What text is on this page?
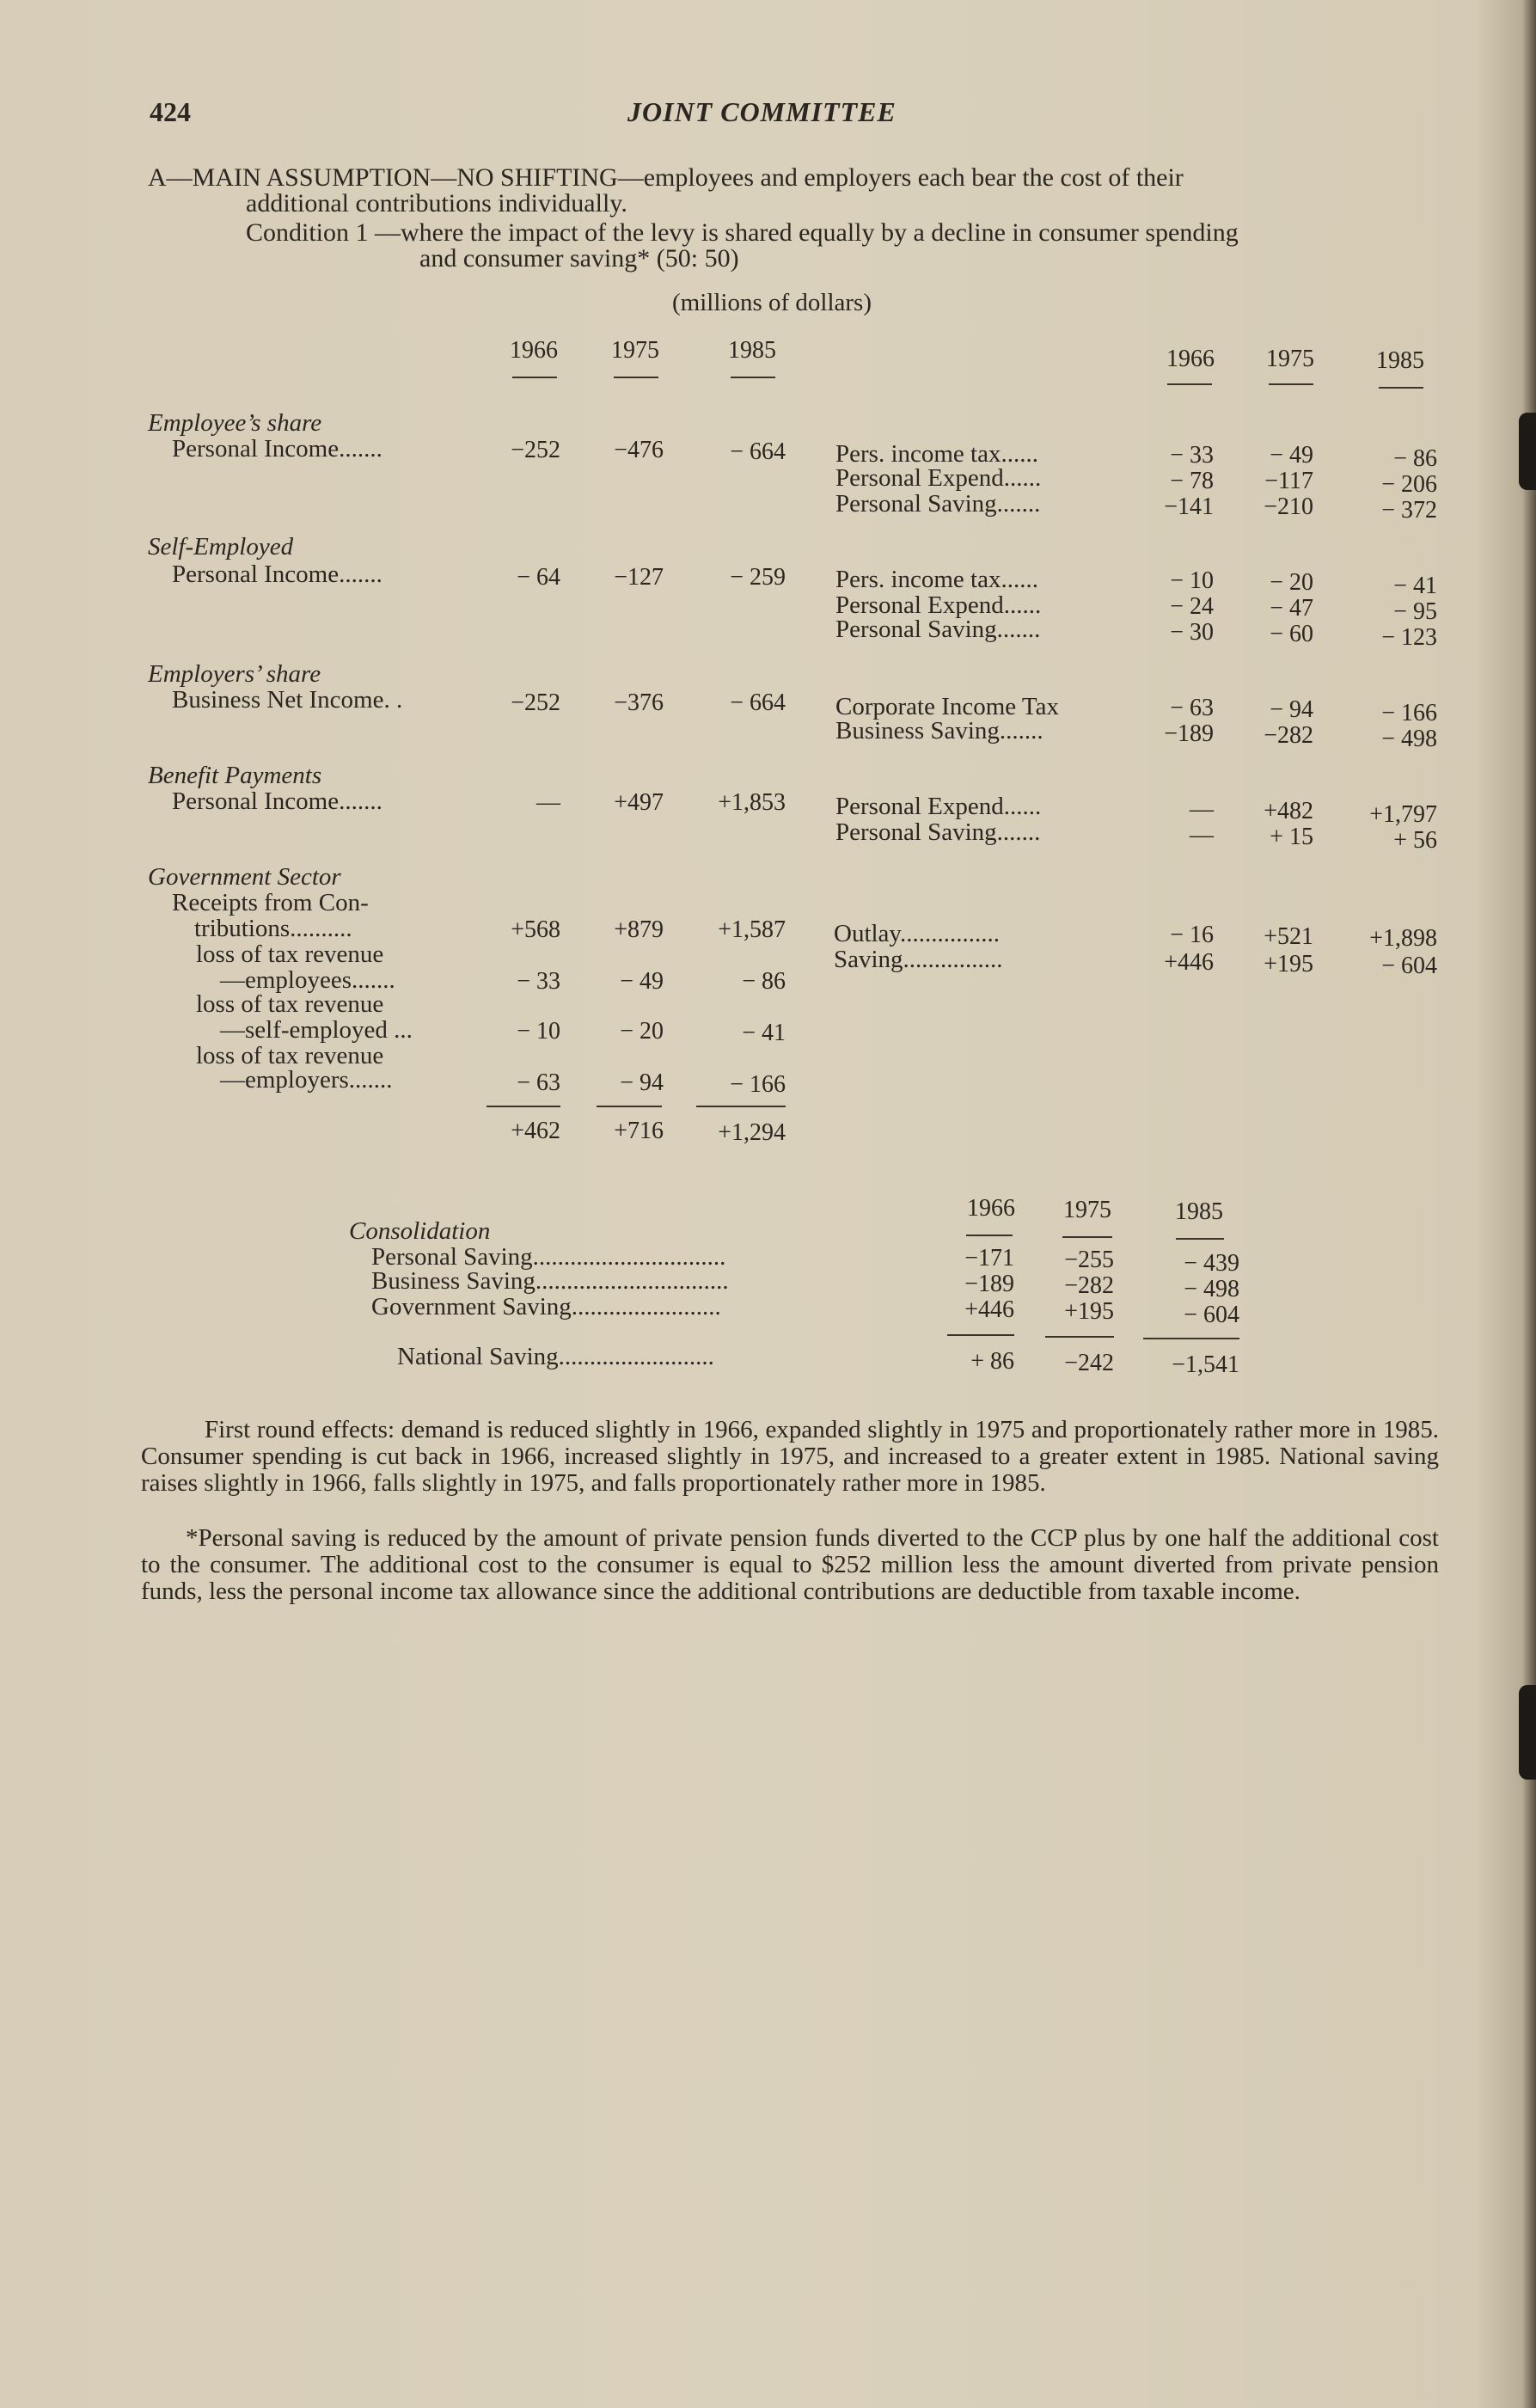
424	JOINT COMMITTEE
A—MAIN ASSUMPTION—NO SHIFTING—employees and employers each bear the cost of their
additional contributions individually.
Condition 1 —where the impact of the levy is shared equally by a decline in consumer spending
and consumer saving* (50: 50)
(millions of dollars)
1966 1975	1985	1966 1975	1985
Employee’s share
Personal Income.......	−252	−476	− 664
Self-Employed
Personal Income.......	− 64	−127	− 259
Employers’ share
Business Net Income. .	−252	−376	− 664
Benefit Payments
Personal Income.......	—	+497	+1,853
Government Sector
Receipts from Con-
tributions..........	+568	+879	+1,587
loss of tax revenue
—employees.......	− 33	− 49	− 86
loss of tax revenue
—self-employed ...	− 10	− 20	− 41
loss of tax revenue
—employers.......	− 63	− 94	− 166
+462	+716	+1,294
Pers. income tax......	− 33	− 49	− 86
Personal Expend......	− 78	−117	− 206
Personal Saving.......	−141	−210	− 372
Pers. income tax......	− 10	− 20	− 41
Personal Expend......	− 24	− 47	− 95
Personal Saving.......	− 30	− 60	− 123
Corporate Income Tax	− 63	− 94	− 166
Business Saving.......	−189	−282	− 498
Personal Expend......	—	+482	+1,797
Personal Saving.......	—	+ 15	+ 56
Outlay................	− 16	+521	+1,898
Saving................	+446	+195	− 604
1966 1975	1985
Consolidation
Personal Saving...............................	−171	−255	− 439
Business Saving...............................	−189	−282	− 498
Government Saving........................	+446	+195	− 604
National Saving.........................	+ 86	−242	−1,541
First round effects: demand is reduced slightly in 1966, expanded slightly in 1975 and proportionately rather more in 1985. Consumer spending is cut back in 1966, increased slightly in 1975, and increased to a greater extent in 1985. National saving raises slightly in 1966, falls slightly in 1975, and falls proportionately rather more in 1985.
*Personal saving is reduced by the amount of private pension funds diverted to the CCP plus by one half the additional cost to the consumer. The additional cost to the consumer is equal to $252 million less the amount diverted from private pension funds, less the personal income tax allowance since the additional contributions are deductible from taxable income.
